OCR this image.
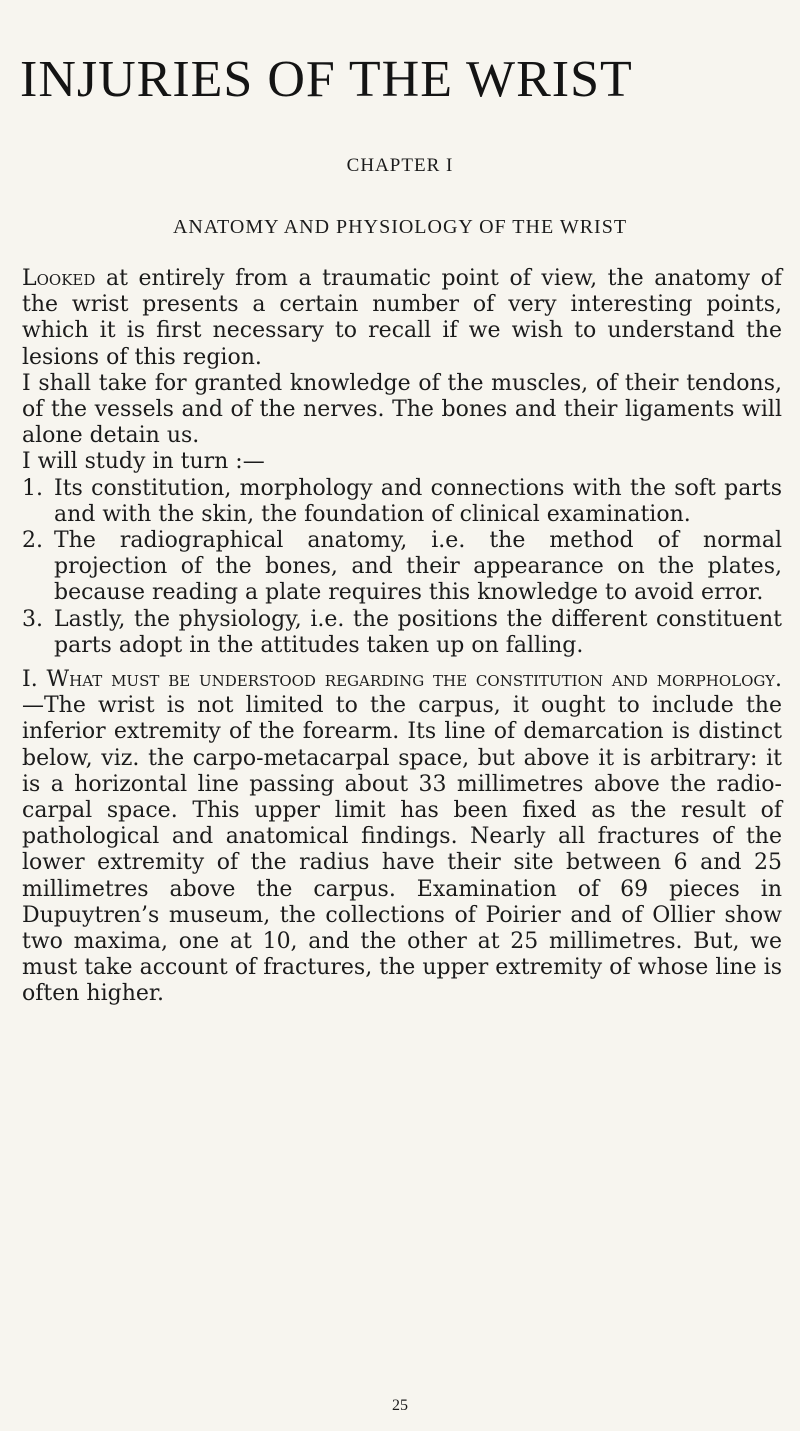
INJURIES OF THE WRIST
CHAPTER I
ANATOMY AND PHYSIOLOGY OF THE WRIST

Looked at entirely from a traumatic point of view, the anatomy of the wrist presents a certain number of very interesting points, which it is first necessary to recall if we wish to understand the lesions of this region.

I shall take for granted knowledge of the muscles, of their tendons, of the vessels and of the nerves. The bones and their ligaments will alone detain us.

I will study in turn :—

1. Its constitution, morphology and connections with the soft parts and with the skin, the foundation of clinical examination.
2. The radiographical anatomy, i.e. the method of normal projection of the bones, and their appearance on the plates, because reading a plate requires this knowledge to avoid error.
3. Lastly, the physiology, i.e. the positions the different constituent parts adopt in the attitudes taken up on falling.

I. What must be understood regarding the constitution and morphology.—The wrist is not limited to the carpus, it ought to include the inferior extremity of the forearm. Its line of demarcation is distinct below, viz. the carpo-metacarpal space, but above it is arbitrary: it is a horizontal line passing about 33 millimetres above the radio-carpal space. This upper limit has been fixed as the result of pathological and anatomical findings. Nearly all fractures of the lower extremity of the radius have their site between 6 and 25 millimetres above the carpus. Examination of 69 pieces in Dupuytren’s museum, the collections of Poirier and of Ollier show two maxima, one at 10, and the other at 25 millimetres. But, we must take account of fractures, the upper extremity of whose line is often higher.

25
